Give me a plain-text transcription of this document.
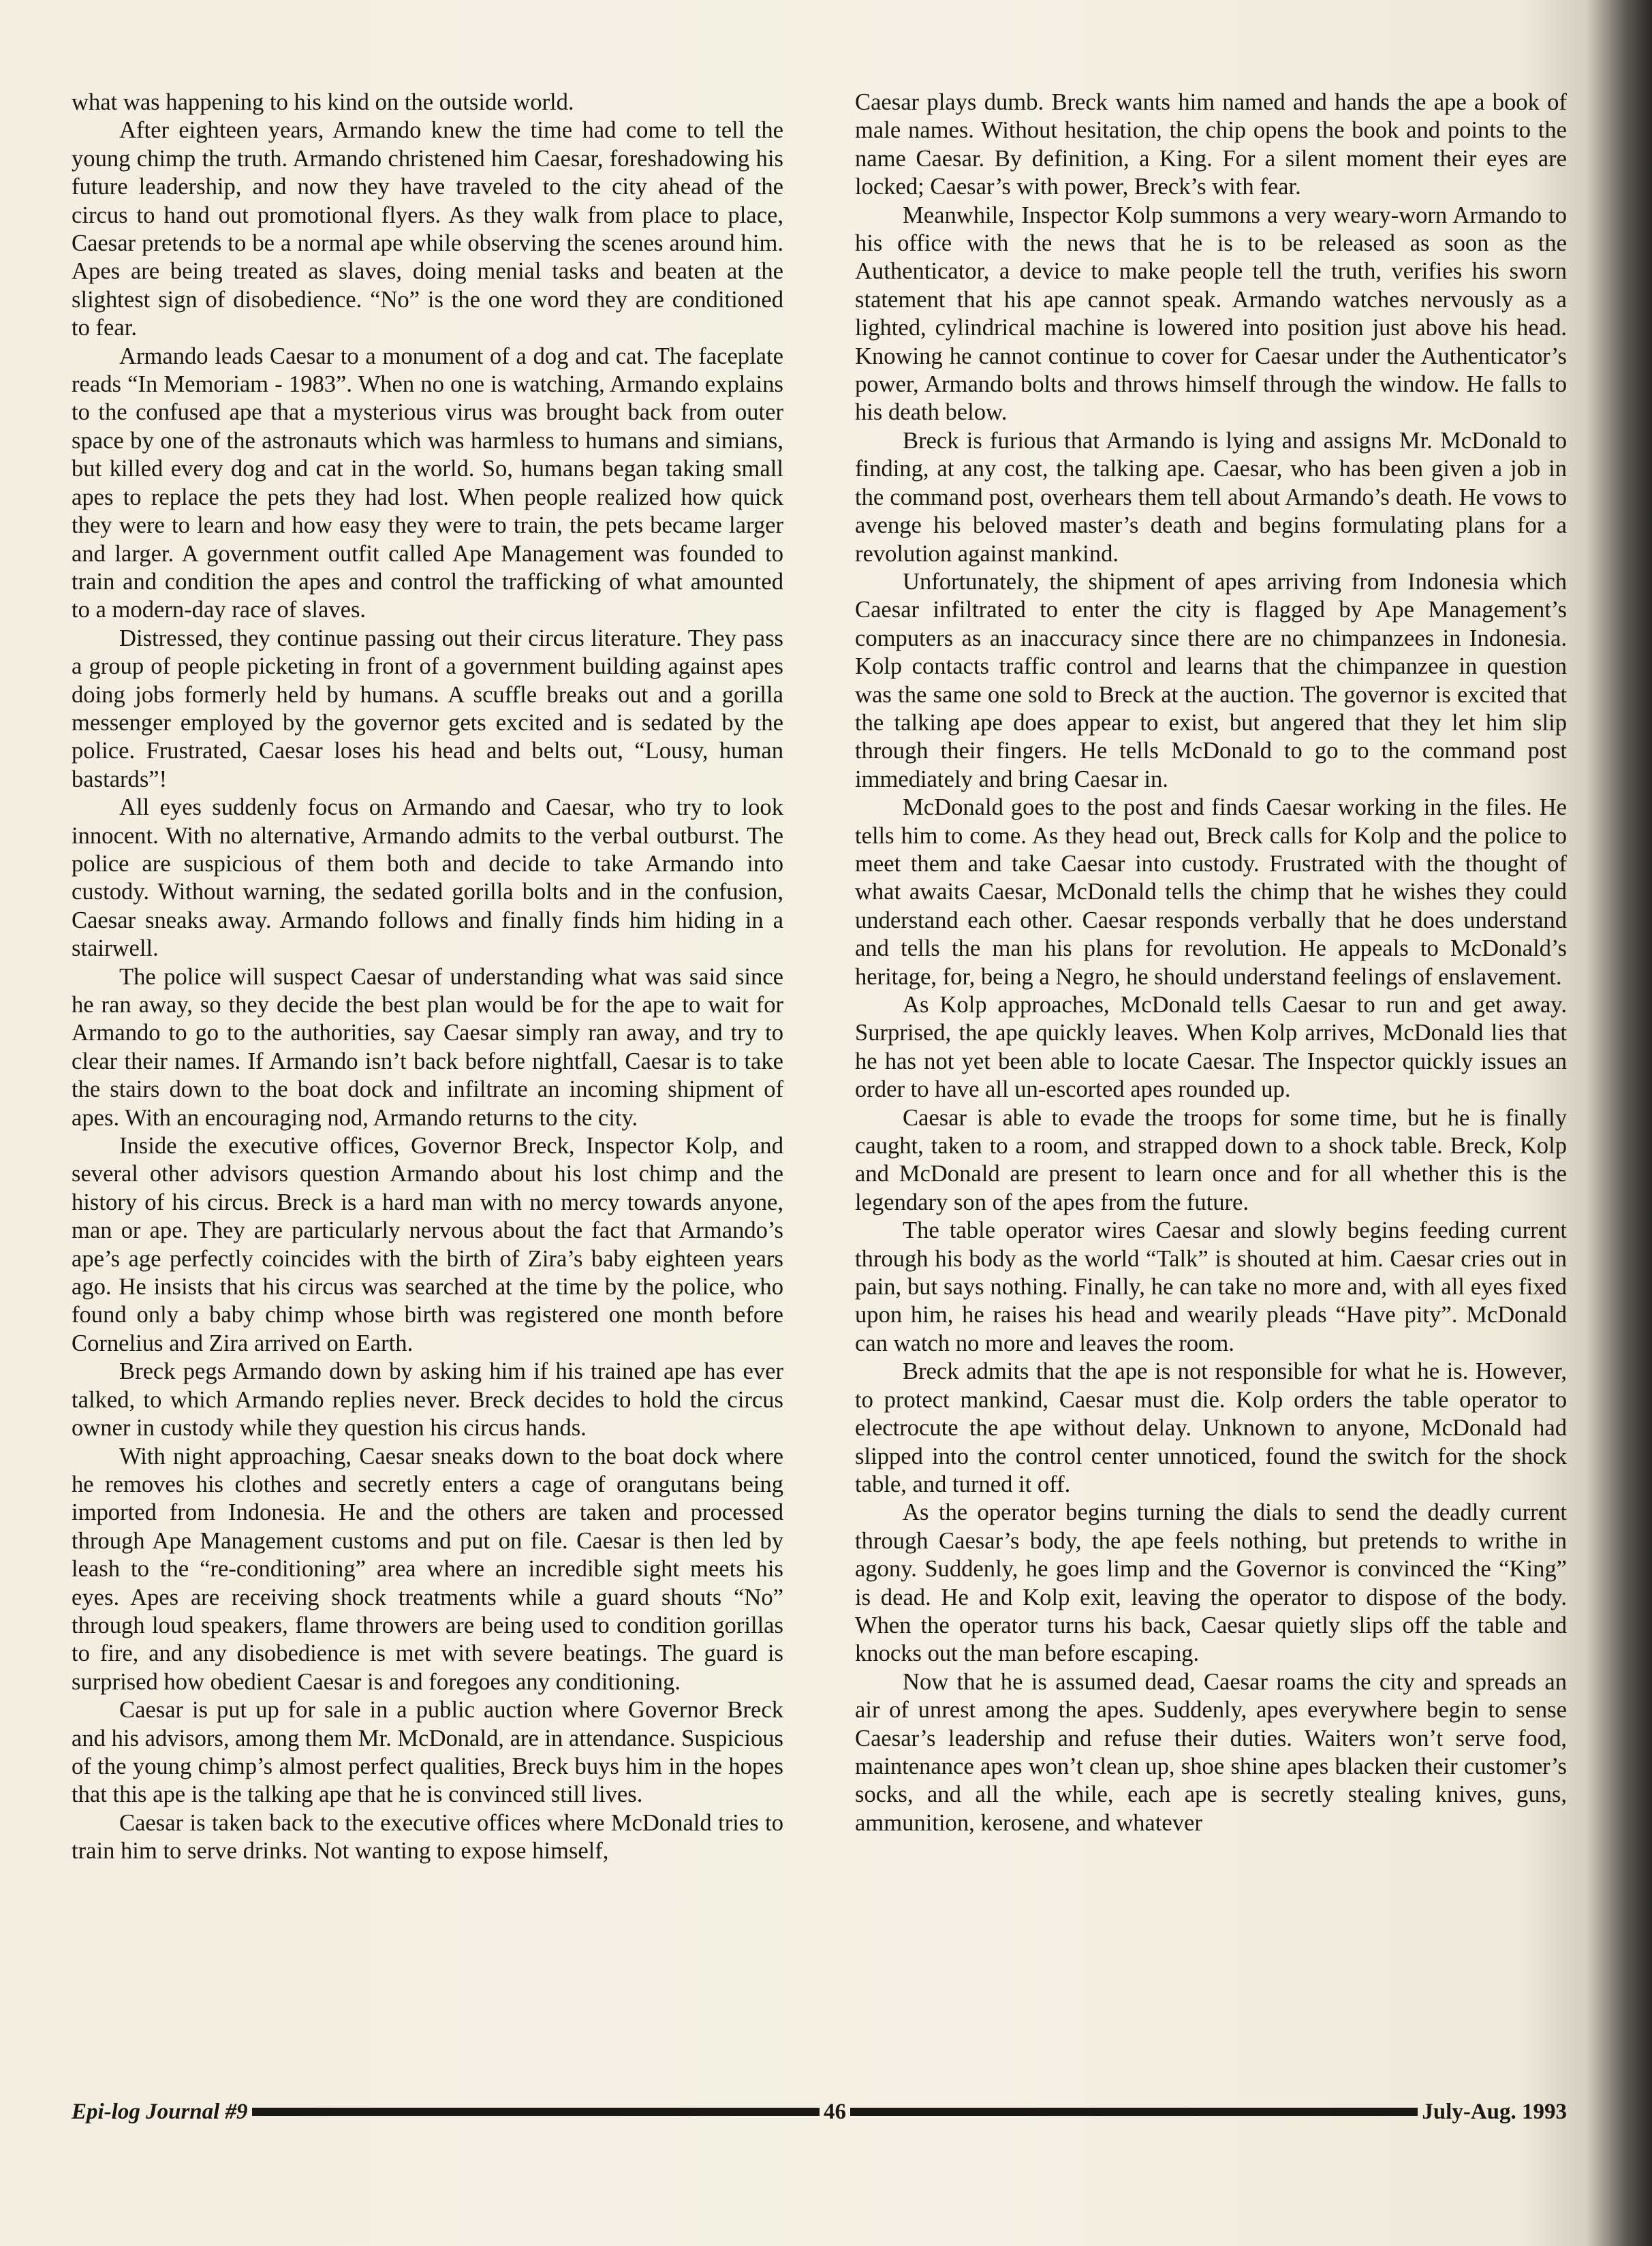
what was happening to his kind on the outside world.

After eighteen years, Armando knew the time had come to tell the young chimp the truth. Armando christened him Caesar, foreshadowing his future leadership, and now they have traveled to the city ahead of the circus to hand out promotional flyers. As they walk from place to place, Caesar pretends to be a normal ape while observing the scenes around him. Apes are being treated as slaves, doing menial tasks and beaten at the slightest sign of disobedience. “No” is the one word they are conditioned to fear.

Armando leads Caesar to a monument of a dog and cat. The faceplate reads “In Memoriam - 1983”. When no one is watching, Armando explains to the confused ape that a mysterious virus was brought back from outer space by one of the astronauts which was harmless to humans and simians, but killed every dog and cat in the world. So, humans began taking small apes to replace the pets they had lost. When people realized how quick they were to learn and how easy they were to train, the pets became larger and larger. A government outfit called Ape Management was founded to train and condition the apes and control the trafficking of what amounted to a modern-day race of slaves.

Distressed, they continue passing out their circus literature. They pass a group of people picketing in front of a government building against apes doing jobs formerly held by humans. A scuffle breaks out and a gorilla messenger employed by the governor gets excited and is sedated by the police. Frustrated, Caesar loses his head and belts out, “Lousy, human bastards”!

All eyes suddenly focus on Armando and Caesar, who try to look innocent. With no alternative, Armando admits to the verbal outburst. The police are suspicious of them both and decide to take Armando into custody. Without warning, the sedated gorilla bolts and in the confusion, Caesar sneaks away. Armando follows and finally finds him hiding in a stairwell.

The police will suspect Caesar of understanding what was said since he ran away, so they decide the best plan would be for the ape to wait for Armando to go to the authorities, say Caesar simply ran away, and try to clear their names. If Armando isn’t back before nightfall, Caesar is to take the stairs down to the boat dock and infiltrate an incoming shipment of apes. With an encouraging nod, Armando returns to the city.

Inside the executive offices, Governor Breck, Inspector Kolp, and several other advisors question Armando about his lost chimp and the history of his circus. Breck is a hard man with no mercy towards anyone, man or ape. They are particularly nervous about the fact that Armando’s ape’s age perfectly coincides with the birth of Zira’s baby eighteen years ago. He insists that his circus was searched at the time by the police, who found only a baby chimp whose birth was registered one month before Cornelius and Zira arrived on Earth.

Breck pegs Armando down by asking him if his trained ape has ever talked, to which Armando replies never. Breck decides to hold the circus owner in custody while they question his circus hands.

With night approaching, Caesar sneaks down to the boat dock where he removes his clothes and secretly enters a cage of orangutans being imported from Indonesia. He and the others are taken and processed through Ape Management customs and put on file. Caesar is then led by leash to the “re-conditioning” area where an incredible sight meets his eyes. Apes are receiving shock treatments while a guard shouts “No” through loud speakers, flame throwers are being used to condition gorillas to fire, and any disobedience is met with severe beatings. The guard is surprised how obedient Caesar is and foregoes any conditioning.

Caesar is put up for sale in a public auction where Governor Breck and his advisors, among them Mr. McDonald, are in attendance. Suspicious of the young chimp’s almost perfect qualities, Breck buys him in the hopes that this ape is the talking ape that he is convinced still lives.

Caesar is taken back to the executive offices where McDonald tries to train him to serve drinks. Not wanting to expose himself,

Caesar plays dumb. Breck wants him named and hands the ape a book of male names. Without hesitation, the chip opens the book and points to the name Caesar. By definition, a King. For a silent moment their eyes are locked; Caesar’s with power, Breck’s with fear.

Meanwhile, Inspector Kolp summons a very weary-worn Armando to his office with the news that he is to be released as soon as the Authenticator, a device to make people tell the truth, verifies his sworn statement that his ape cannot speak. Armando watches nervously as a lighted, cylindrical machine is lowered into position just above his head. Knowing he cannot continue to cover for Caesar under the Authenticator’s power, Armando bolts and throws himself through the window. He falls to his death below.

Breck is furious that Armando is lying and assigns Mr. McDonald to finding, at any cost, the talking ape. Caesar, who has been given a job in the command post, overhears them tell about Armando’s death. He vows to avenge his beloved master’s death and begins formulating plans for a revolution against mankind.

Unfortunately, the shipment of apes arriving from Indonesia which Caesar infiltrated to enter the city is flagged by Ape Management’s computers as an inaccuracy since there are no chimpanzees in Indonesia. Kolp contacts traffic control and learns that the chimpanzee in question was the same one sold to Breck at the auction. The governor is excited that the talking ape does appear to exist, but angered that they let him slip through their fingers. He tells McDonald to go to the command post immediately and bring Caesar in.

McDonald goes to the post and finds Caesar working in the files. He tells him to come. As they head out, Breck calls for Kolp and the police to meet them and take Caesar into custody. Frustrated with the thought of what awaits Caesar, McDonald tells the chimp that he wishes they could understand each other. Caesar responds verbally that he does understand and tells the man his plans for revolution. He appeals to McDonald’s heritage, for, being a Negro, he should understand feelings of enslavement.

As Kolp approaches, McDonald tells Caesar to run and get away. Surprised, the ape quickly leaves. When Kolp arrives, McDonald lies that he has not yet been able to locate Caesar. The Inspector quickly issues an order to have all un-escorted apes rounded up.

Caesar is able to evade the troops for some time, but he is finally caught, taken to a room, and strapped down to a shock table. Breck, Kolp and McDonald are present to learn once and for all whether this is the legendary son of the apes from the future.

The table operator wires Caesar and slowly begins feeding current through his body as the world “Talk” is shouted at him. Caesar cries out in pain, but says nothing. Finally, he can take no more and, with all eyes fixed upon him, he raises his head and wearily pleads “Have pity”. McDonald can watch no more and leaves the room.

Breck admits that the ape is not responsible for what he is. However, to protect mankind, Caesar must die. Kolp orders the table operator to electrocute the ape without delay. Unknown to anyone, McDonald had slipped into the control center unnoticed, found the switch for the shock table, and turned it off.

As the operator begins turning the dials to send the deadly current through Caesar’s body, the ape feels nothing, but pretends to writhe in agony. Suddenly, he goes limp and the Governor is convinced the “King” is dead. He and Kolp exit, leaving the operator to dispose of the body. When the operator turns his back, Caesar quietly slips off the table and knocks out the man before escaping.

Now that he is assumed dead, Caesar roams the city and spreads an air of unrest among the apes. Suddenly, apes everywhere begin to sense Caesar’s leadership and refuse their duties. Waiters won’t serve food, maintenance apes won’t clean up, shoe shine apes blacken their customer’s socks, and all the while, each ape is secretly stealing knives, guns, ammunition, kerosene, and whatever

Epi-log Journal #9	46	July-Aug. 1993
